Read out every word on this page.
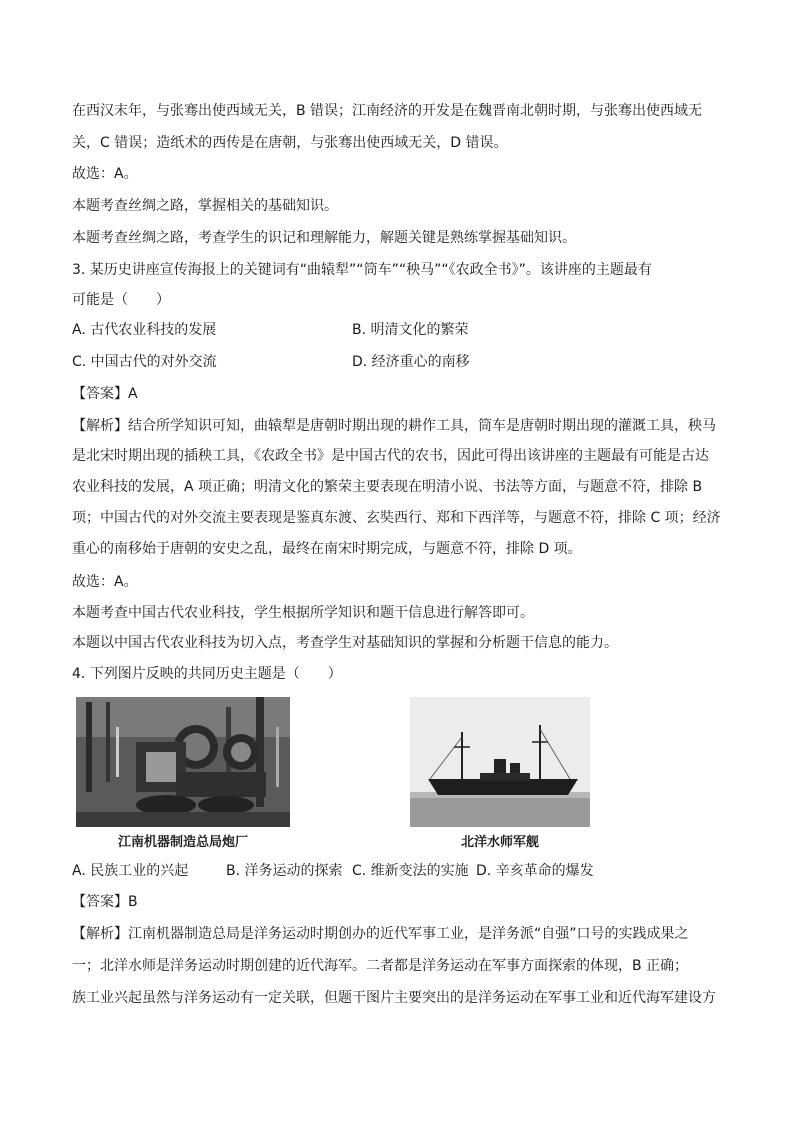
在西汉末年，与张骞出使西域无关，B 错误；江南经济的开发是在魏晋南北朝时期，与张骞出使西域无
关，C 错误；造纸术的西传是在唐朝，与张骞出使西域无关，D 错误。
故选：A。
本题考查丝绸之路，掌握相关的基础知识。
本题考查丝绸之路，考查学生的识记和理解能力，解题关键是熟练掌握基础知识。
3. 某历史讲座宣传海报上的关键词有“曲辕犁”“筒车”“秧马”“《农政全书》”。该讲座的主题最有
可能是（　　）
A. 古代农业科技的发展	B. 明清文化的繁荣
C. 中国古代的对外交流	D. 经济重心的南移
【答案】A
【解析】结合所学知识可知，曲辕犁是唐朝时期出现的耕作工具，筒车是唐朝时期出现的灌溉工具，秧马
是北宋时期出现的插秧工具，《农政全书》是中国古代的农书，因此可得出该讲座的主题最有可能是古达
农业科技的发展，A 项正确；明清文化的繁荣主要表现在明清小说、书法等方面，与题意不符，排除 B
项；中国古代的对外交流主要表现是鉴真东渡、玄奘西行、郑和下西洋等，与题意不符，排除 C 项；经济
重心的南移始于唐朝的安史之乱，最终在南宋时期完成，与题意不符，排除 D 项。
故选：A。
本题考查中国古代农业科技，学生根据所学知识和题干信息进行解答即可。
本题以中国古代农业科技为切入点，考查学生对基础知识的掌握和分析题干信息的能力。
4. 下列图片反映的共同历史主题是（　　）
江南机器制造总局炮厂	北洋水师军舰
A. 民族工业的兴起	B. 洋务运动的探索 C. 维新变法的实施 D. 辛亥革命的爆发
【答案】B
【解析】江南机器制造总局是洋务运动时期创办的近代军事工业，是洋务派“自强”口号的实践成果之
一；北洋水师是洋务运动时期创建的近代海军。二者都是洋务运动在军事方面探索的体现，B 正确；
族工业兴起虽然与洋务运动有一定关联，但题干图片主要突出的是洋务运动在军事工业和近代海军建设方
